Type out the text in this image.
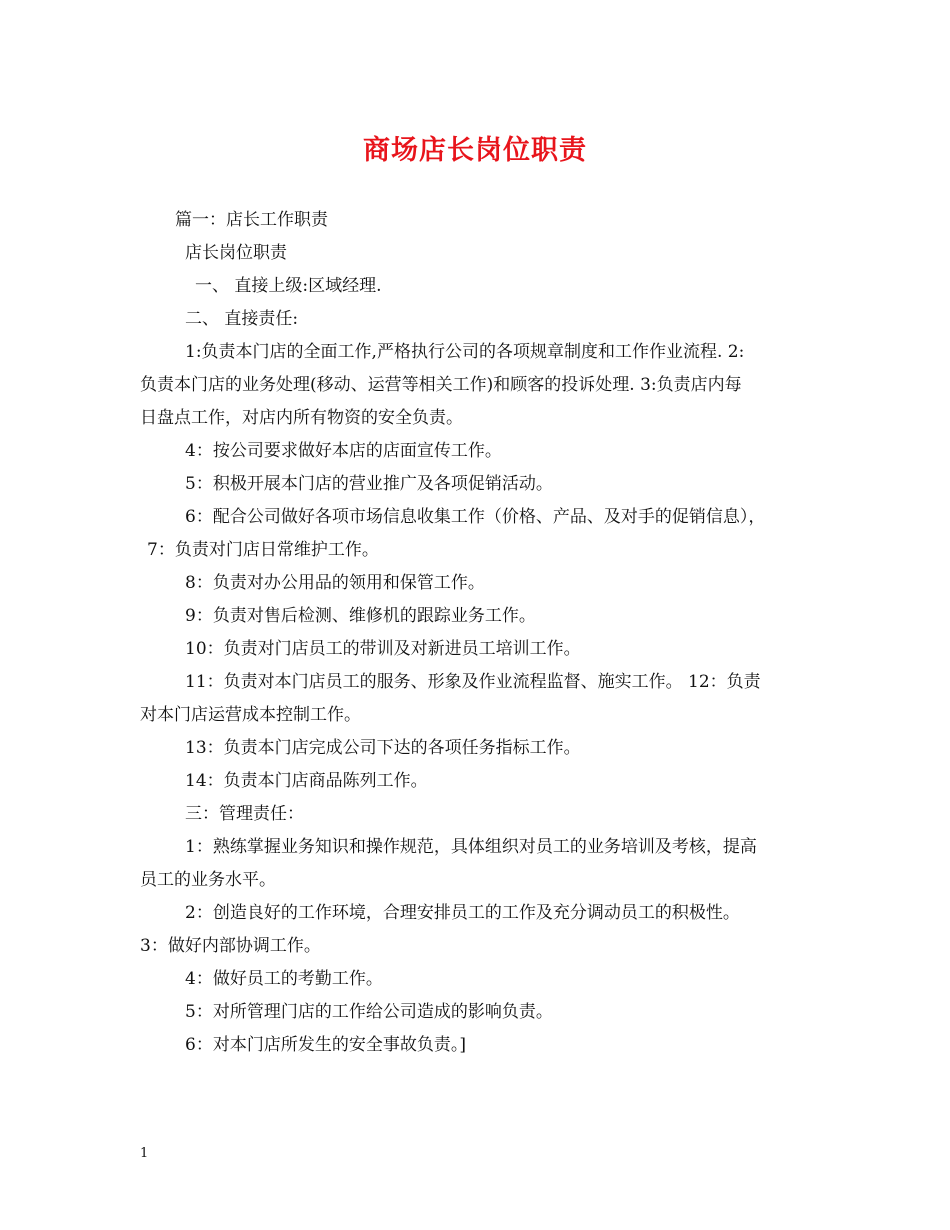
商场店长岗位职责
篇一：店长工作职责
店长岗位职责
一、 直接上级:区域经理.
二、 直接责任:
1:负责本门店的全面工作,严格执行公司的各项规章制度和工作作业流程. 2:
负责本门店的业务处理(移动、运营等相关工作)和顾客的投诉处理. 3:负责店内每
日盘点工作，对店内所有物资的安全负责。
4：按公司要求做好本店的店面宣传工作。
5：积极开展本门店的营业推广及各项促销活动。
6：配合公司做好各项市场信息收集工作（价格、产品、及对手的促销信息），
7：负责对门店日常维护工作。
8：负责对办公用品的领用和保管工作。
9：负责对售后检测、维修机的跟踪业务工作。
10：负责对门店员工的带训及对新进员工培训工作。
11：负责对本门店员工的服务、形象及作业流程监督、施实工作。 12：负责
对本门店运营成本控制工作。
13：负责本门店完成公司下达的各项任务指标工作。
14：负责本门店商品陈列工作。
三：管理责任：
1：熟练掌握业务知识和操作规范，具体组织对员工的业务培训及考核，提高
员工的业务水平。
2：创造良好的工作环境，合理安排员工的工作及充分调动员工的积极性。
3：做好内部协调工作。
4：做好员工的考勤工作。
5：对所管理门店的工作给公司造成的影响负责。
6：对本门店所发生的安全事故负责。]
1
